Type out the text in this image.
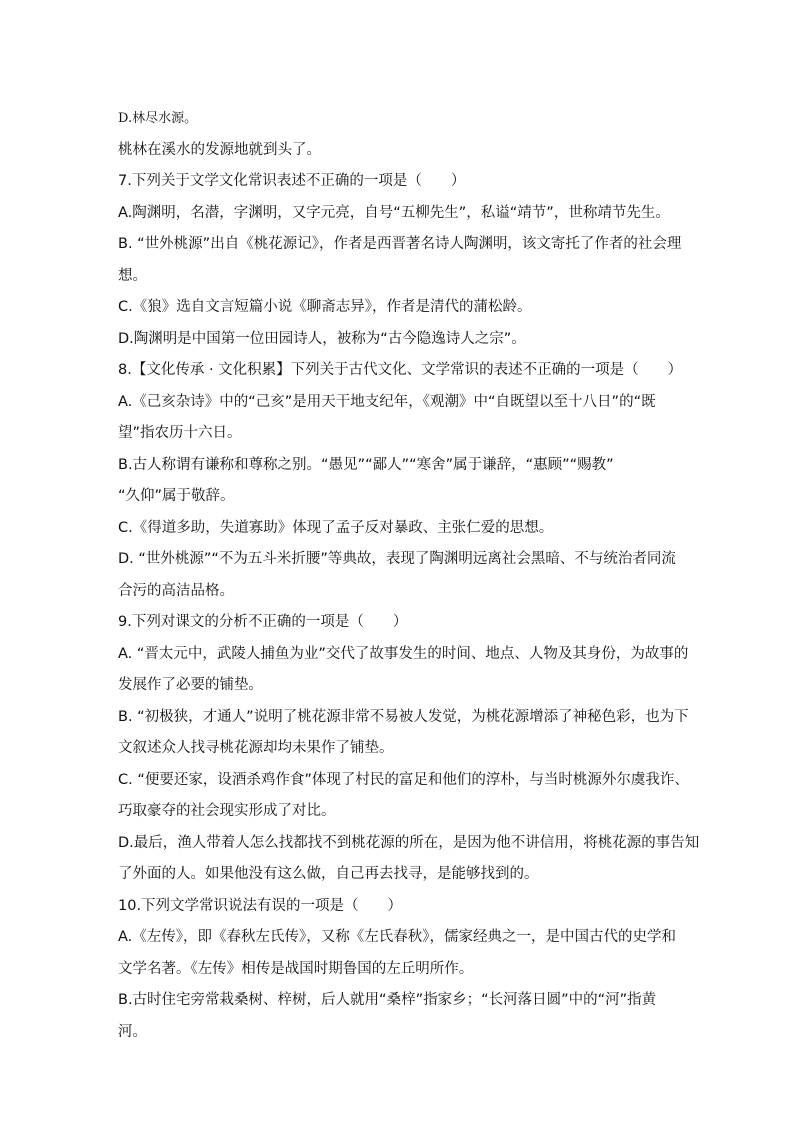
D.林尽水源。
桃林在溪水的发源地就到头了。
7.下列关于文学文化常识表述不正确的一项是（　　）
A.陶渊明，名潜，字渊明，又字元亮，自号“五柳先生”，私谥“靖节”，世称靖节先生。
B. “世外桃源”出自《桃花源记》，作者是西晋著名诗人陶渊明，该文寄托了作者的社会理
想。
C.《狼》选自文言短篇小说《聊斋志异》，作者是清代的蒲松龄。
D.陶渊明是中国第一位田园诗人，被称为“古今隐逸诗人之宗”。
8.【文化传承 · 文化积累】下列关于古代文化、文学常识的表述不正确的一项是（　　）
A.《己亥杂诗》中的“己亥”是用天干地支纪年，《观潮》中“自既望以至十八日”的“既
望”指农历十六日。
B.古人称谓有谦称和尊称之别。“愚见”“鄙人”“寒舍”属于谦辞，“惠顾”“赐教”
“久仰”属于敬辞。
C.《得道多助，失道寡助》体现了孟子反对暴政、主张仁爱的思想。
D. “世外桃源”“不为五斗米折腰”等典故，表现了陶渊明远离社会黑暗、不与统治者同流
合污的高洁品格。
9.下列对课文的分析不正确的一项是（　　）
A. “晋太元中，武陵人捕鱼为业”交代了故事发生的时间、地点、人物及其身份，为故事的
发展作了必要的铺垫。
B. “初极狭，才通人”说明了桃花源非常不易被人发觉，为桃花源增添了神秘色彩，也为下
文叙述众人找寻桃花源却均未果作了铺垫。
C. “便要还家，设酒杀鸡作食”体现了村民的富足和他们的淳朴，与当时桃源外尔虞我诈、
巧取豪夺的社会现实形成了对比。
D.最后，渔人带着人怎么找都找不到桃花源的所在，是因为他不讲信用，将桃花源的事告知
了外面的人。如果他没有这么做，自己再去找寻，是能够找到的。
10.下列文学常识说法有误的一项是（　　）
A.《左传》，即《春秋左氏传》，又称《左氏春秋》，儒家经典之一，是中国古代的史学和
文学名著。《左传》相传是战国时期鲁国的左丘明所作。
B.古时住宅旁常栽桑树、梓树，后人就用“桑梓”指家乡；“长河落日圆”中的“河”指黄
河。
